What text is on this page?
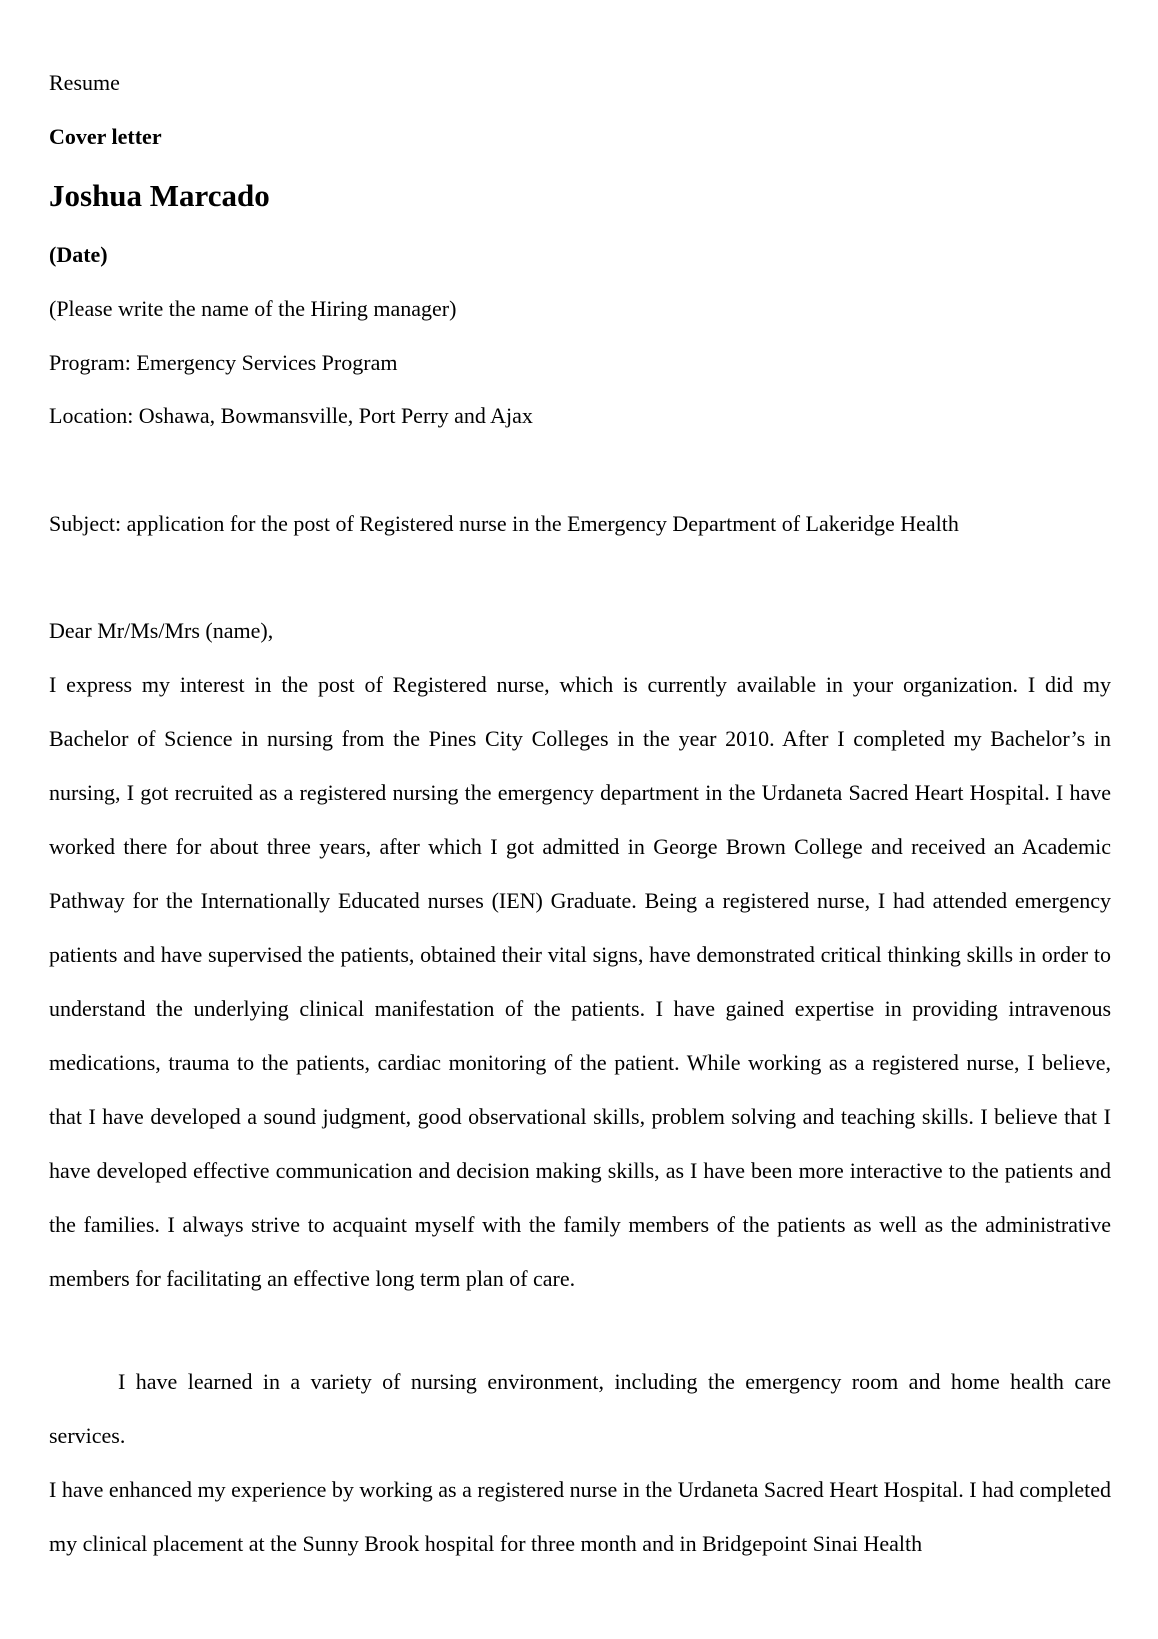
Resume
Cover letter
Joshua Marcado
(Date)
(Please write the name of the Hiring manager)
Program: Emergency Services Program
Location: Oshawa, Bowmansville, Port Perry and Ajax
Subject: application for the post of Registered nurse in the Emergency Department of Lakeridge Health
Dear Mr/Ms/Mrs (name),
I express my interest in the post of Registered nurse, which is currently available in your organization. I did my Bachelor of Science in nursing from the Pines City Colleges in the year 2010. After I completed my Bachelor’s in nursing, I got recruited as a registered nursing the emergency department in the Urdaneta Sacred Heart Hospital. I have worked there for about three years, after which I got admitted in George Brown College and received an Academic Pathway for the Internationally Educated nurses (IEN) Graduate. Being a registered nurse, I had attended emergency patients and have supervised the patients, obtained their vital signs, have demonstrated critical thinking skills in order to understand the underlying clinical manifestation of the patients. I have gained expertise in providing intravenous medications, trauma to the patients, cardiac monitoring of the patient. While working as a registered nurse, I believe, that I have developed a sound judgment, good observational skills, problem solving and teaching skills. I believe that I have developed effective communication and decision making skills, as I have been more interactive to the patients and the families. I always strive to acquaint myself with the family members of the patients as well as the administrative members for facilitating an effective long term plan of care.
I have learned in a variety of nursing environment, including the emergency room and home health care services.
I have enhanced my experience by working as a registered nurse in the Urdaneta Sacred Heart Hospital. I had completed my clinical placement at the Sunny Brook hospital for three month and in Bridgepoint Sinai Health
